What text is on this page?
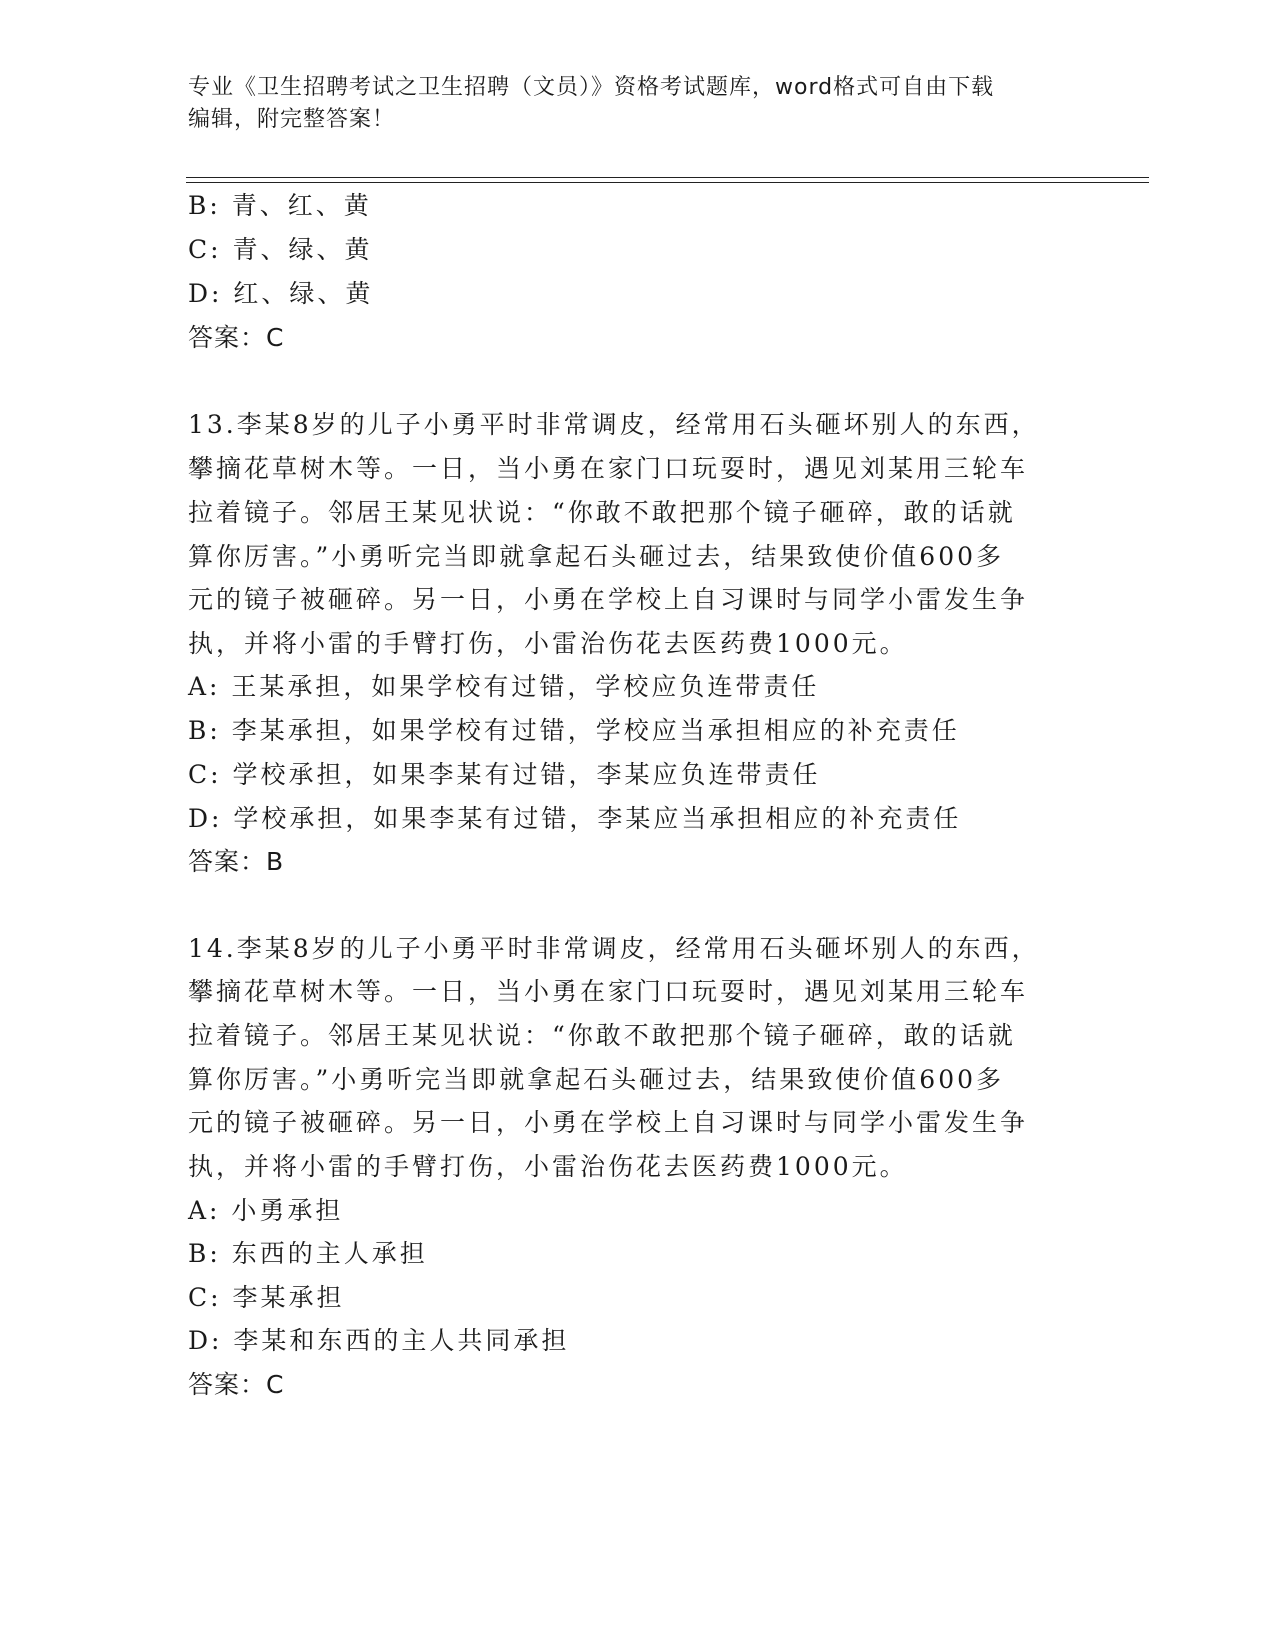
专业《卫生招聘考试之卫生招聘（文员）》资格考试题库，word格式可自由下载

编辑，附完整答案！

B: 青、红、黄
C: 青、绿、黄
D: 红、绿、黄
答案：C
13.李某8岁的儿子小勇平时非常调皮，经常用石头砸坏别人的东西，
攀摘花草树木等。一日，当小勇在家门口玩耍时，遇见刘某用三轮车
拉着镜子。邻居王某见状说：“你敢不敢把那个镜子砸碎，敢的话就
算你厉害。”小勇听完当即就拿起石头砸过去，结果致使价值600多
元的镜子被砸碎。另一日，小勇在学校上自习课时与同学小雷发生争
执，并将小雷的手臂打伤，小雷治伤花去医药费1000元。
A: 王某承担，如果学校有过错，学校应负连带责任
B: 李某承担，如果学校有过错，学校应当承担相应的补充责任
C: 学校承担，如果李某有过错，李某应负连带责任
D: 学校承担，如果李某有过错，李某应当承担相应的补充责任
答案：B
14.李某8岁的儿子小勇平时非常调皮，经常用石头砸坏别人的东西，
攀摘花草树木等。一日，当小勇在家门口玩耍时，遇见刘某用三轮车
拉着镜子。邻居王某见状说：“你敢不敢把那个镜子砸碎，敢的话就
算你厉害。”小勇听完当即就拿起石头砸过去，结果致使价值600多
元的镜子被砸碎。另一日，小勇在学校上自习课时与同学小雷发生争
执，并将小雷的手臂打伤，小雷治伤花去医药费1000元。
A: 小勇承担
B: 东西的主人承担
C: 李某承担
D: 李某和东西的主人共同承担
答案：C
